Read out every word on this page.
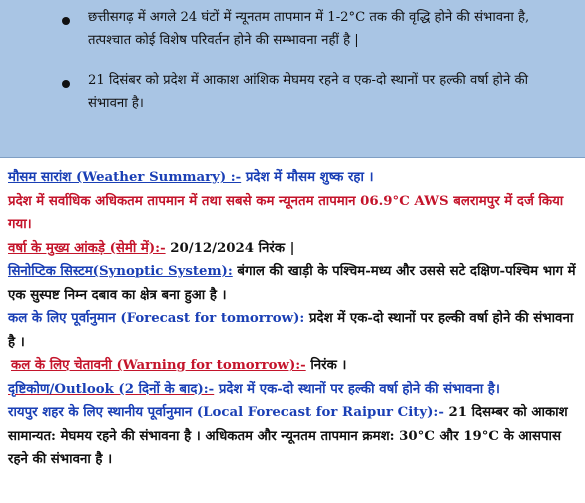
छत्तीसगढ़ में अगले 24 घंटों में न्यूनतम तापमान में 1-2°C तक की वृद्धि होने की संभावना है, तत्पश्चात कोई विशेष परिवर्तन होने की सम्भावना नहीं है |
21 दिसंबर को प्रदेश में आकाश आंशिक मेघमय रहने व एक-दो स्थानों पर हल्की वर्षा होने की संभावना है।

मौसम सारांश (Weather Summary) :- प्रदेश में मौसम शुष्क रहा ।

प्रदेश में सर्वाधिक अधिकतम तापमान में तथा सबसे कम न्यूनतम तापमान 06.9°C AWS बलरामपुर में दर्ज किया गया।

वर्षा के मुख्य आंकड़े (सेमी में):- 20/12/2024 निरंक |

सिनोप्टिक सिस्टम(Synoptic System): बंगाल की खाड़ी के पश्चिम-मध्य और उससे सटे दक्षिण-पश्चिम भाग में एक सुस्पष्ट निम्न दबाव का क्षेत्र बना हुआ है ।

कल के लिए पूर्वानुमान (Forecast for tomorrow): प्रदेश में एक-दो स्थानों पर हल्की वर्षा होने की संभावना है ।

कल के लिए चेतावनी (Warning for tomorrow):- निरंक ।

दृष्टिकोण/Outlook (2 दिनों के बाद):- प्रदेश में एक-दो स्थानों पर हल्की वर्षा होने की संभावना है।

रायपुर शहर के लिए स्थानीय पूर्वानुमान (Local Forecast for Raipur City):- 21 दिसम्बर को आकाश सामान्यत: मेघमय रहने की संभावना है । अधिकतम और न्यूनतम तापमान क्रमश: 30°C और 19°C के आसपास रहने की संभावना है ।
